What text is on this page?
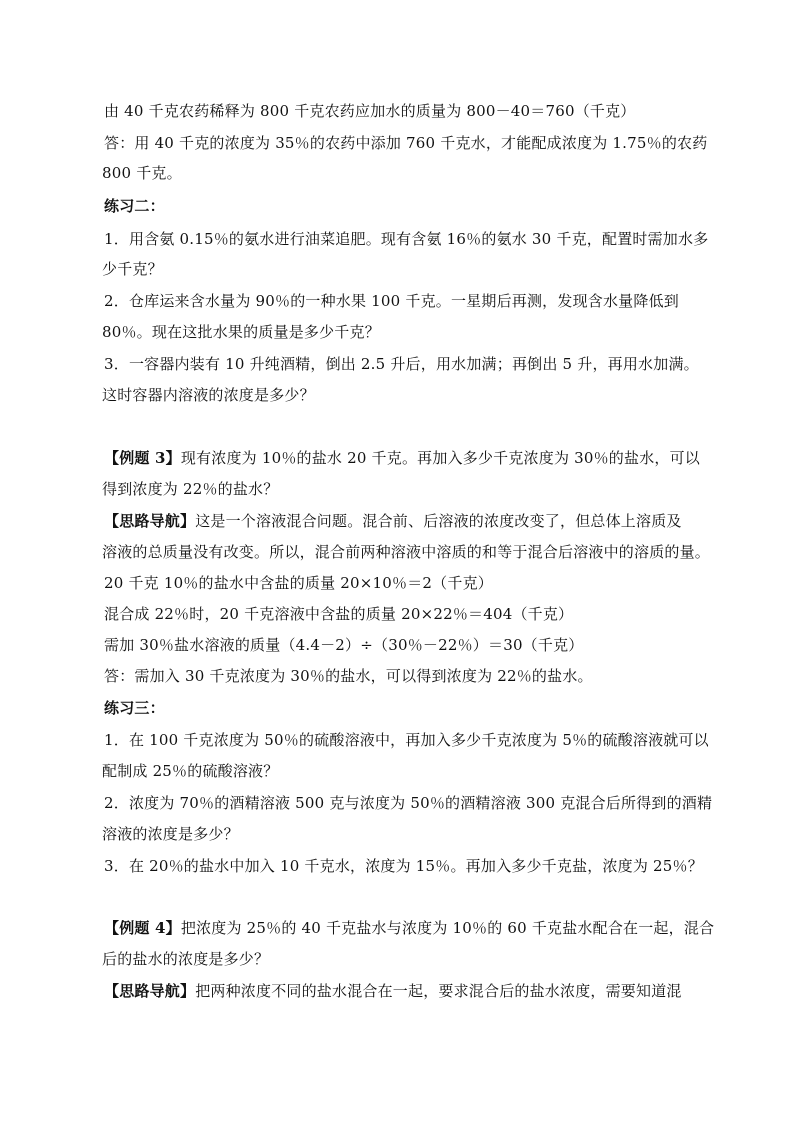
由 40 千克农药稀释为 800 千克农药应加水的质量为 800－40＝760（千克）
答：用 40 千克的浓度为 35％的农药中添加 760 千克水，才能配成浓度为 1.75％的农药
800 千克。
练习二：
1．用含氨 0.15％的氨水进行油菜追肥。现有含氨 16％的氨水 30 千克，配置时需加水多
少千克？
2．仓库运来含水量为 90％的一种水果 100 千克。一星期后再测，发现含水量降低到
80％。现在这批水果的质量是多少千克？
3．一容器内装有 10 升纯酒精，倒出 2.5 升后，用水加满；再倒出 5 升，再用水加满。
这时容器内溶液的浓度是多少？
【例题 3】现有浓度为 10％的盐水 20 千克。再加入多少千克浓度为 30％的盐水，可以
得到浓度为 22％的盐水？
【思路导航】这是一个溶液混合问题。混合前、后溶液的浓度改变了，但总体上溶质及
溶液的总质量没有改变。所以，混合前两种溶液中溶质的和等于混合后溶液中的溶质的量。
20 千克 10％的盐水中含盐的质量 20×10％＝2（千克）
混合成 22％时，20 千克溶液中含盐的质量 20×22％＝404（千克）
需加 30％盐水溶液的质量（4.4－2）÷（30％－22％）＝30（千克）
答：需加入 30 千克浓度为 30％的盐水，可以得到浓度为 22％的盐水。
练习三：
1．在 100 千克浓度为 50％的硫酸溶液中，再加入多少千克浓度为 5％的硫酸溶液就可以
配制成 25％的硫酸溶液？
2．浓度为 70％的酒精溶液 500 克与浓度为 50％的酒精溶液 300 克混合后所得到的酒精
溶液的浓度是多少？
3．在 20％的盐水中加入 10 千克水，浓度为 15％。再加入多少千克盐，浓度为 25％？
【例题 4】把浓度为 25％的 40 千克盐水与浓度为 10％的 60 千克盐水配合在一起，混合
后的盐水的浓度是多少？
【思路导航】把两种浓度不同的盐水混合在一起，要求混合后的盐水浓度，需要知道混
